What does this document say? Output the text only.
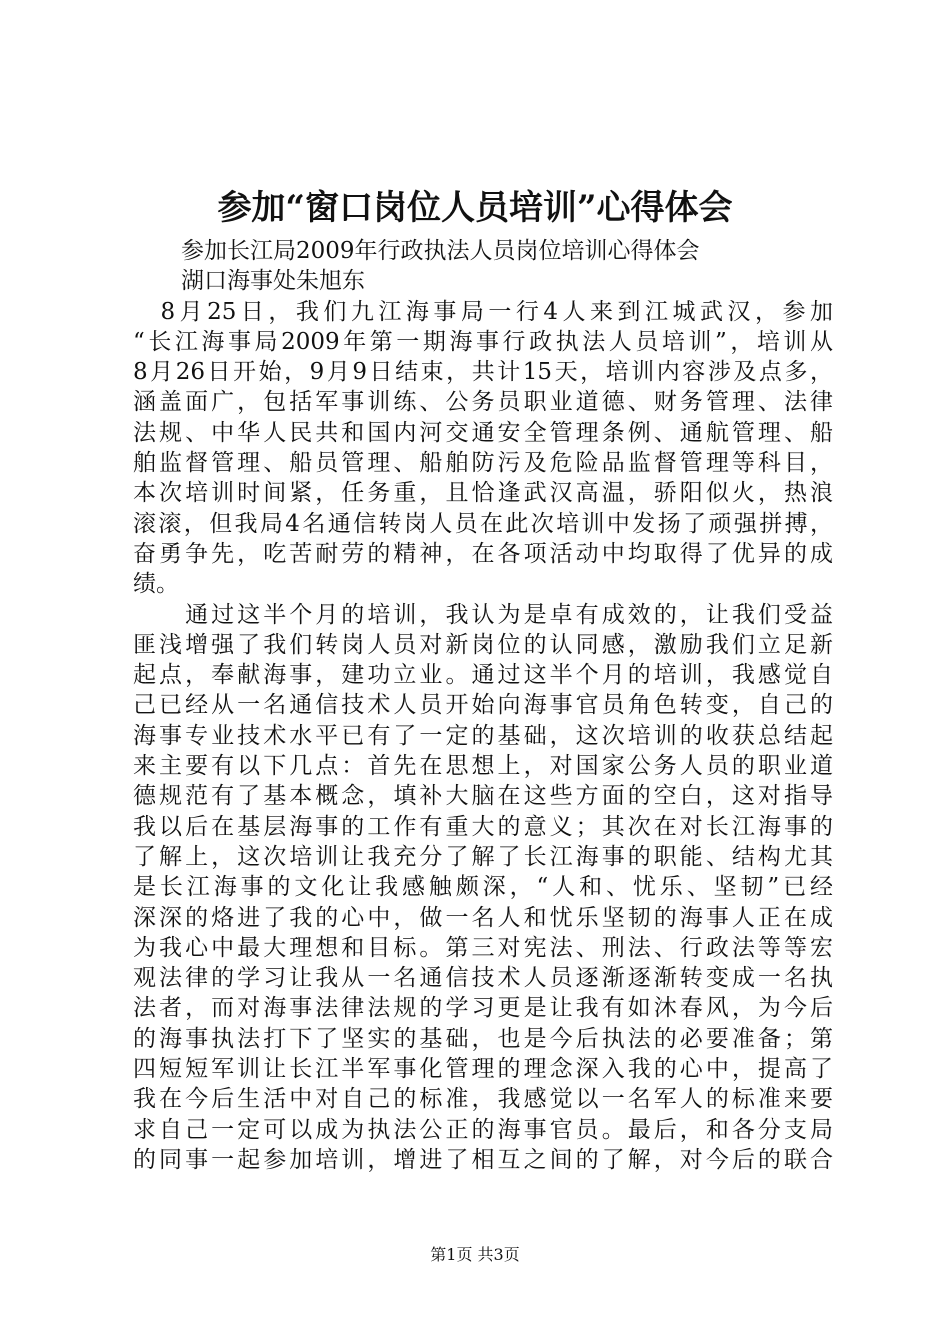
参加“窗口岗位人员培训”心得体会
参加长江局2009年行政执法人员岗位培训心得体会
湖口海事处朱旭东
　8月25日，我们九江海事局一行4人来到江城武汉，参加
“长江海事局2009年第一期海事行政执法人员培训”，培训从
8月26日开始，9月9日结束，共计15天，培训内容涉及点多，
涵盖面广，包括军事训练、公务员职业道德、财务管理、法律
法规、中华人民共和国内河交通安全管理条例、通航管理、船
舶监督管理、船员管理、船舶防污及危险品监督管理等科目，
本次培训时间紧，任务重，且恰逢武汉高温，骄阳似火，热浪
滚滚，但我局4名通信转岗人员在此次培训中发扬了顽强拼搏，
奋勇争先，吃苦耐劳的精神，在各项活动中均取得了优异的成
绩。
　　通过这半个月的培训，我认为是卓有成效的，让我们受益
匪浅增强了我们转岗人员对新岗位的认同感，激励我们立足新
起点，奉献海事，建功立业。通过这半个月的培训，我感觉自
己已经从一名通信技术人员开始向海事官员角色转变，自己的
海事专业技术水平已有了一定的基础，这次培训的收获总结起
来主要有以下几点：首先在思想上，对国家公务人员的职业道
德规范有了基本概念，填补大脑在这些方面的空白，这对指导
我以后在基层海事的工作有重大的意义；其次在对长江海事的
了解上，这次培训让我充分了解了长江海事的职能、结构尤其
是长江海事的文化让我感触颇深，“人和、忧乐、坚韧”已经
深深的烙进了我的心中，做一名人和忧乐坚韧的海事人正在成
为我心中最大理想和目标。第三对宪法、刑法、行政法等等宏
观法律的学习让我从一名通信技术人员逐渐逐渐转变成一名执
法者，而对海事法律法规的学习更是让我有如沐春风，为今后
的海事执法打下了坚实的基础，也是今后执法的必要准备；第
四短短军训让长江半军事化管理的理念深入我的心中，提高了
我在今后生活中对自己的标准，我感觉以一名军人的标准来要
求自己一定可以成为执法公正的海事官员。最后，和各分支局
的同事一起参加培训，增进了相互之间的了解，对今后的联合
第1页 共3页
